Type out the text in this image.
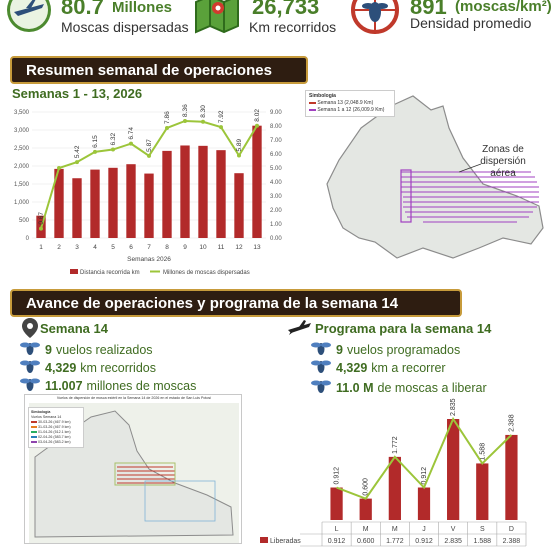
80.7 Millones
Moscas dispersadas
26,733
Km recorridos
891 (moscas/km²)
Densidad promedio
Resumen semanal de operaciones
Semanas 1 - 13, 2026
0.67
5.42
6.15 6.32 6.74
5.87
7.86
8.36 8.30 7.92
5.89
8.02
0
500
1,000
1,500
2,000
2,500
3,000
3,500
0.00
1.00
2.00
3.00
4.00
5.00
6.00
7.00
8.00
9.00
1 2 3 4 5 6 7 8 9 10 11 12 13
Semanas 2026
Distancia recorrida km	Millones de moscas dispersadas
Simbología
Semana 13 (2,048.9 Km)
Semana 1 a 12 (26,009.9 Km)
Zonas de dispersión aérea
Avance de operaciones y programa de la semana 14
Semana 14
9 vuelos realizados
4,329 km recorridos
11.007 millones de moscas
Programa para la semana 14
9 vuelos programados
4,329 km a recorrer
11.0 M de moscas a liberar
Vuelos de dispersión de mosca estéril en la Semana 14 de 2026 en el estado de San Luis Potosí
Simbología
Vuelos Semana 14
30-03-26 (467.9 km)
31-03-26 (467.9 km)
01-04-26 (512.1 km)
02-04-26 (583.7 km)
03-04-26 (583.2 km)
0.912
0.600
1.772
0.912
2.835
1.588
2.388
L
0.912
M
0.600
M
1.772
J
0.912
V
2.835
S
1.588
D
2.388
Liberadas
